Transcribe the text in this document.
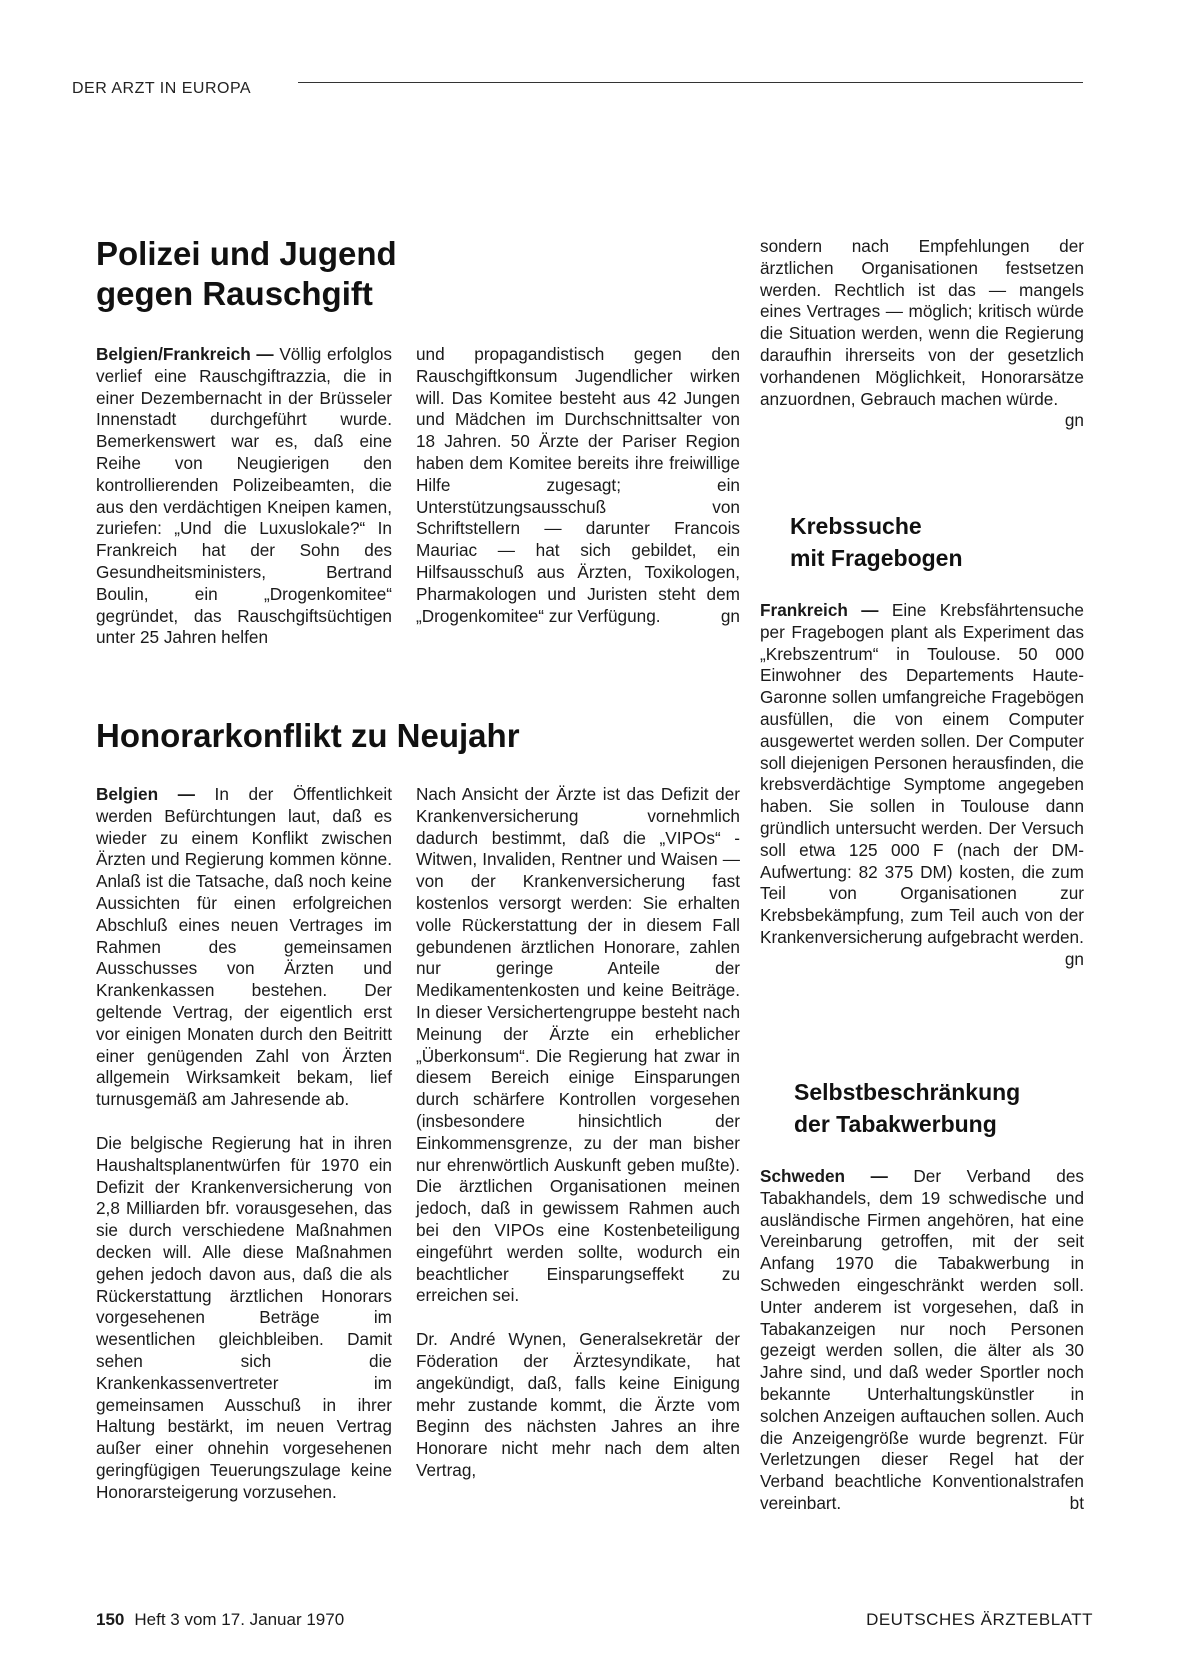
DER ARZT IN EUROPA
Polizei und Jugend
gegen Rauschgift

Belgien/Frankreich — Völlig erfolglos verlief eine Rauschgiftrazzia, die in einer Dezembernacht in der Brüsseler Innenstadt durchgeführt wurde. Bemerkenswert war es, daß eine Reihe von Neugierigen den kontrollierenden Polizeibeamten, die aus den verdächtigen Kneipen kamen, zuriefen: „Und die Luxuslokale?“ In Frankreich hat der Sohn des Gesundheitsministers, Bertrand Boulin, ein „Drogenkomitee“ gegründet, das Rauschgiftsüchtigen unter 25 Jahren helfen

und propagandistisch gegen den Rauschgiftkonsum Jugendlicher wirken will. Das Komitee besteht aus 42 Jungen und Mädchen im Durchschnittsalter von 18 Jahren. 50 Ärzte der Pariser Region haben dem Komitee bereits ihre freiwillige Hilfe zugesagt; ein Unterstützungsausschuß von Schriftstellern — darunter Francois Mauriac — hat sich gebildet, ein Hilfsausschuß aus Ärzten, Toxikologen, Pharmakologen und Juristen steht dem „Drogenkomitee“ zur Verfügung.	gn

Honorarkonflikt zu Neujahr

Belgien — In der Öffentlichkeit werden Befürchtungen laut, daß es wieder zu einem Konflikt zwischen Ärzten und Regierung kommen könne. Anlaß ist die Tatsache, daß noch keine Aussichten für einen erfolgreichen Abschluß eines neuen Vertrages im Rahmen des gemeinsamen Ausschusses von Ärzten und Krankenkassen bestehen. Der geltende Vertrag, der eigentlich erst vor einigen Monaten durch den Beitritt einer genügenden Zahl von Ärzten allgemein Wirksamkeit bekam, lief turnusgemäß am Jahresende ab.

Die belgische Regierung hat in ihren Haushaltsplanentwürfen für 1970 ein Defizit der Krankenversicherung von 2,8 Milliarden bfr. vorausgesehen, das sie durch verschiedene Maßnahmen decken will. Alle diese Maßnahmen gehen jedoch davon aus, daß die als Rückerstattung ärztlichen Honorars vorgesehenen Beträge im wesentlichen gleichbleiben. Damit sehen sich die Krankenkassenvertreter im gemeinsamen Ausschuß in ihrer Haltung bestärkt, im neuen Vertrag außer einer ohnehin vorgesehenen geringfügigen Teuerungszulage keine Honorarsteigerung vorzusehen.

Nach Ansicht der Ärzte ist das Defizit der Krankenversicherung vornehmlich dadurch bestimmt, daß die „VIPOs“ - Witwen, Invaliden, Rentner und Waisen — von der Krankenversicherung fast kostenlos versorgt werden: Sie erhalten volle Rückerstattung der in diesem Fall gebundenen ärztlichen Honorare, zahlen nur geringe Anteile der Medikamentenkosten und keine Beiträge. In dieser Versichertengruppe besteht nach Meinung der Ärzte ein erheblicher „Überkonsum“. Die Regierung hat zwar in diesem Bereich einige Einsparungen durch schärfere Kontrollen vorgesehen (insbesondere hinsichtlich der Einkommensgrenze, zu der man bisher nur ehrenwörtlich Auskunft geben mußte). Die ärztlichen Organisationen meinen jedoch, daß in gewissem Rahmen auch bei den VIPOs eine Kostenbeteiligung eingeführt werden sollte, wodurch ein beachtlicher Einsparungseffekt zu erreichen sei.

Dr. André Wynen, Generalsekretär der Föderation der Ärztesyndikate, hat angekündigt, daß, falls keine Einigung mehr zustande kommt, die Ärzte vom Beginn des nächsten Jahres an ihre Honorare nicht mehr nach dem alten Vertrag,

sondern nach Empfehlungen der ärztlichen Organisationen festsetzen werden. Rechtlich ist das — mangels eines Vertrages — möglich; kritisch würde die Situation werden, wenn die Regierung daraufhin ihrerseits von der gesetzlich vorhandenen Möglichkeit, Honorarsätze anzuordnen, Gebrauch machen würde.
gn

Krebssuche
mit Fragebogen

Frankreich — Eine Krebsfährtensuche per Fragebogen plant als Experiment das „Krebszentrum“ in Toulouse. 50 000 Einwohner des Departements Haute-Garonne sollen umfangreiche Fragebögen ausfüllen, die von einem Computer ausgewertet werden sollen. Der Computer soll diejenigen Personen herausfinden, die krebsverdächtige Symptome angegeben haben. Sie sollen in Toulouse dann gründlich untersucht werden. Der Versuch soll etwa 125 000 F (nach der DM-Aufwertung: 82 375 DM) kosten, die zum Teil von Organisationen zur Krebsbekämpfung, zum Teil auch von der Krankenversicherung aufgebracht werden.
gn

Selbstbeschränkung
der Tabakwerbung

Schweden — Der Verband des Tabakhandels, dem 19 schwedische und ausländische Firmen angehören, hat eine Vereinbarung getroffen, mit der seit Anfang 1970 die Tabakwerbung in Schweden eingeschränkt werden soll. Unter anderem ist vorgesehen, daß in Tabakanzeigen nur noch Personen gezeigt werden sollen, die älter als 30 Jahre sind, und daß weder Sportler noch bekannte Unterhaltungskünstler in solchen Anzeigen auftauchen sollen. Auch die Anzeigengröße wurde begrenzt. Für Verletzungen dieser Regel hat der Verband beachtliche Konventionalstrafen vereinbart.	bt

150 Heft 3 vom 17. Januar 1970	DEUTSCHES ÄRZTEBLATT
